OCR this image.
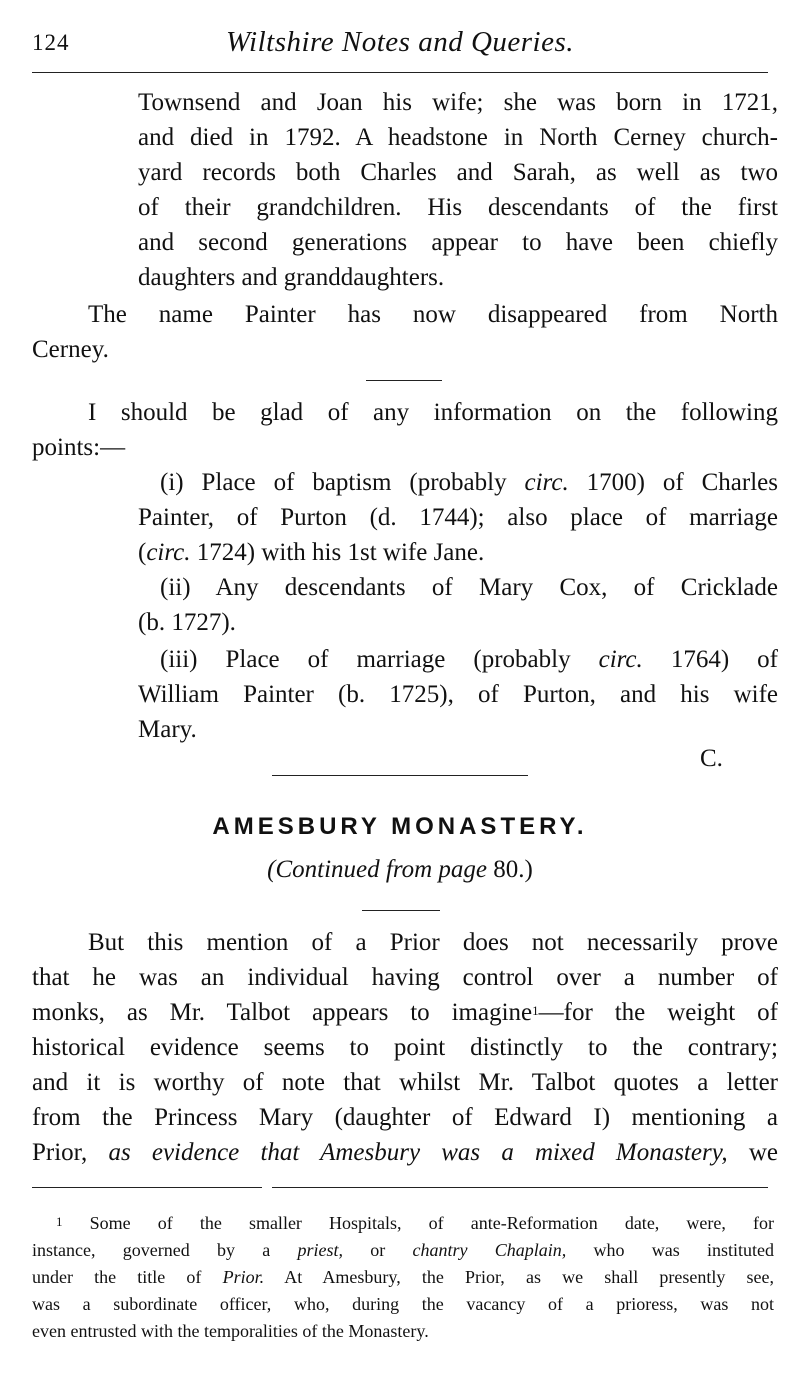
124	Wiltshire Notes and Queries.
Townsend and Joan his wife; she was born in 1721,
and died in 1792. A headstone in North Cerney church-
yard records both Charles and Sarah, as well as two
of their grandchildren. His descendants of the first
and second generations appear to have been chiefly
daughters and granddaughters.
The name Painter has now disappeared from North
Cerney.
I should be glad of any information on the following
points:—
(i) Place of baptism (probably circ. 1700) of Charles
Painter, of Purton (d. 1744); also place of marriage
(circ. 1724) with his 1st wife Jane.
(ii) Any descendants of Mary Cox, of Cricklade
(b. 1727).
(iii) Place of marriage (probably circ. 1764) of
William Painter (b. 1725), of Purton, and his wife
Mary.
C.
AMESBURY MONASTERY.
(Continued from page 80.)
But this mention of a Prior does not necessarily prove
that he was an individual having control over a number of
monks, as Mr. Talbot appears to imagine$^1$—for the weight of
historical evidence seems to point distinctly to the contrary;
and it is worthy of note that whilst Mr. Talbot quotes a letter
from the Princess Mary (daughter of Edward I) mentioning a
Prior, as evidence that Amesbury was a mixed Monastery, we
$^1$ Some of the smaller Hospitals, of ante-Reformation date, were, for
instance, governed by a priest, or chantry Chaplain, who was instituted
under the title of Prior. At Amesbury, the Prior, as we shall presently see,
was a subordinate officer, who, during the vacancy of a prioress, was not
even entrusted with the temporalities of the Monastery.
